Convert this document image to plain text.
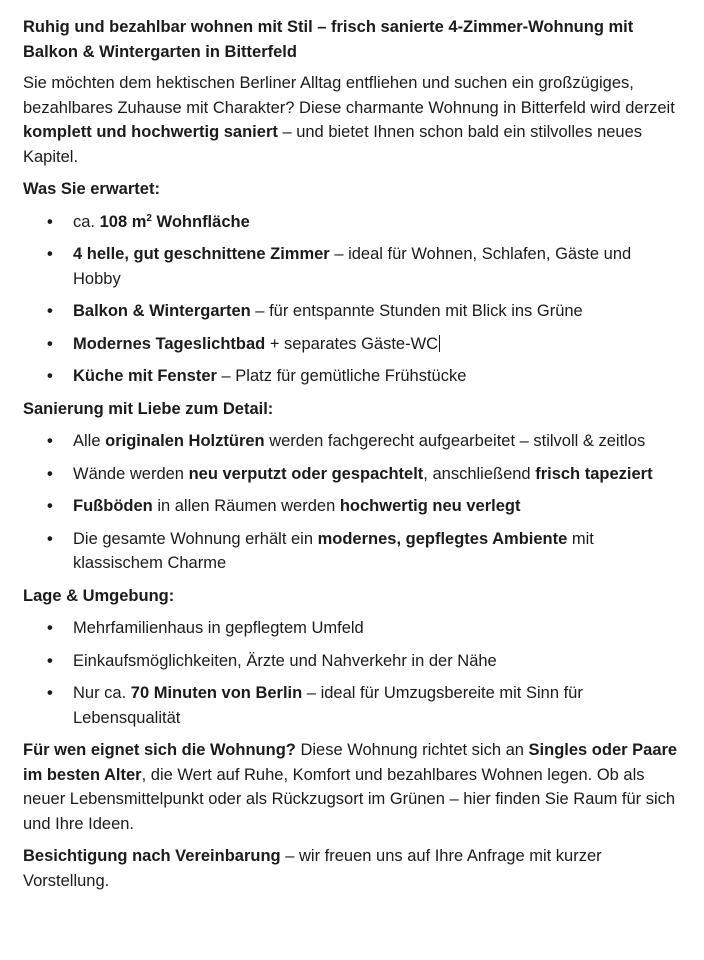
Ruhig und bezahlbar wohnen mit Stil – frisch sanierte 4-Zimmer-Wohnung mit Balkon & Wintergarten in Bitterfeld

Sie möchten dem hektischen Berliner Alltag entfliehen und suchen ein großzügiges, bezahlbares Zuhause mit Charakter? Diese charmante Wohnung in Bitterfeld wird derzeit komplett und hochwertig saniert – und bietet Ihnen schon bald ein stilvolles neues Kapitel.

Was Sie erwartet:

• ca. 108 $m^2$ Wohnfläche
• 4 helle, gut geschnittene Zimmer – ideal für Wohnen, Schlafen, Gäste und Hobby
• Balkon & Wintergarten – für entspannte Stunden mit Blick ins Grüne
• Modernes Tageslichtbad + separates Gäste-WC
• Küche mit Fenster – Platz für gemütliche Frühstücke

Sanierung mit Liebe zum Detail:

• Alle originalen Holztüren werden fachgerecht aufgearbeitet – stilvoll & zeitlos
• Wände werden neu verputzt oder gespachtelt, anschließend frisch tapeziert
• Fußböden in allen Räumen werden hochwertig neu verlegt
• Die gesamte Wohnung erhält ein modernes, gepflegtes Ambiente mit klassischem Charme

Lage & Umgebung:

• Mehrfamilienhaus in gepflegtem Umfeld
• Einkaufsmöglichkeiten, Ärzte und Nahverkehr in der Nähe
• Nur ca. 70 Minuten von Berlin – ideal für Umzugsbereite mit Sinn für Lebensqualität

Für wen eignet sich die Wohnung? Diese Wohnung richtet sich an Singles oder Paare im besten Alter, die Wert auf Ruhe, Komfort und bezahlbares Wohnen legen. Ob als neuer Lebensmittelpunkt oder als Rückzugsort im Grünen – hier finden Sie Raum für sich und Ihre Ideen.

Besichtigung nach Vereinbarung – wir freuen uns auf Ihre Anfrage mit kurzer Vorstellung.
